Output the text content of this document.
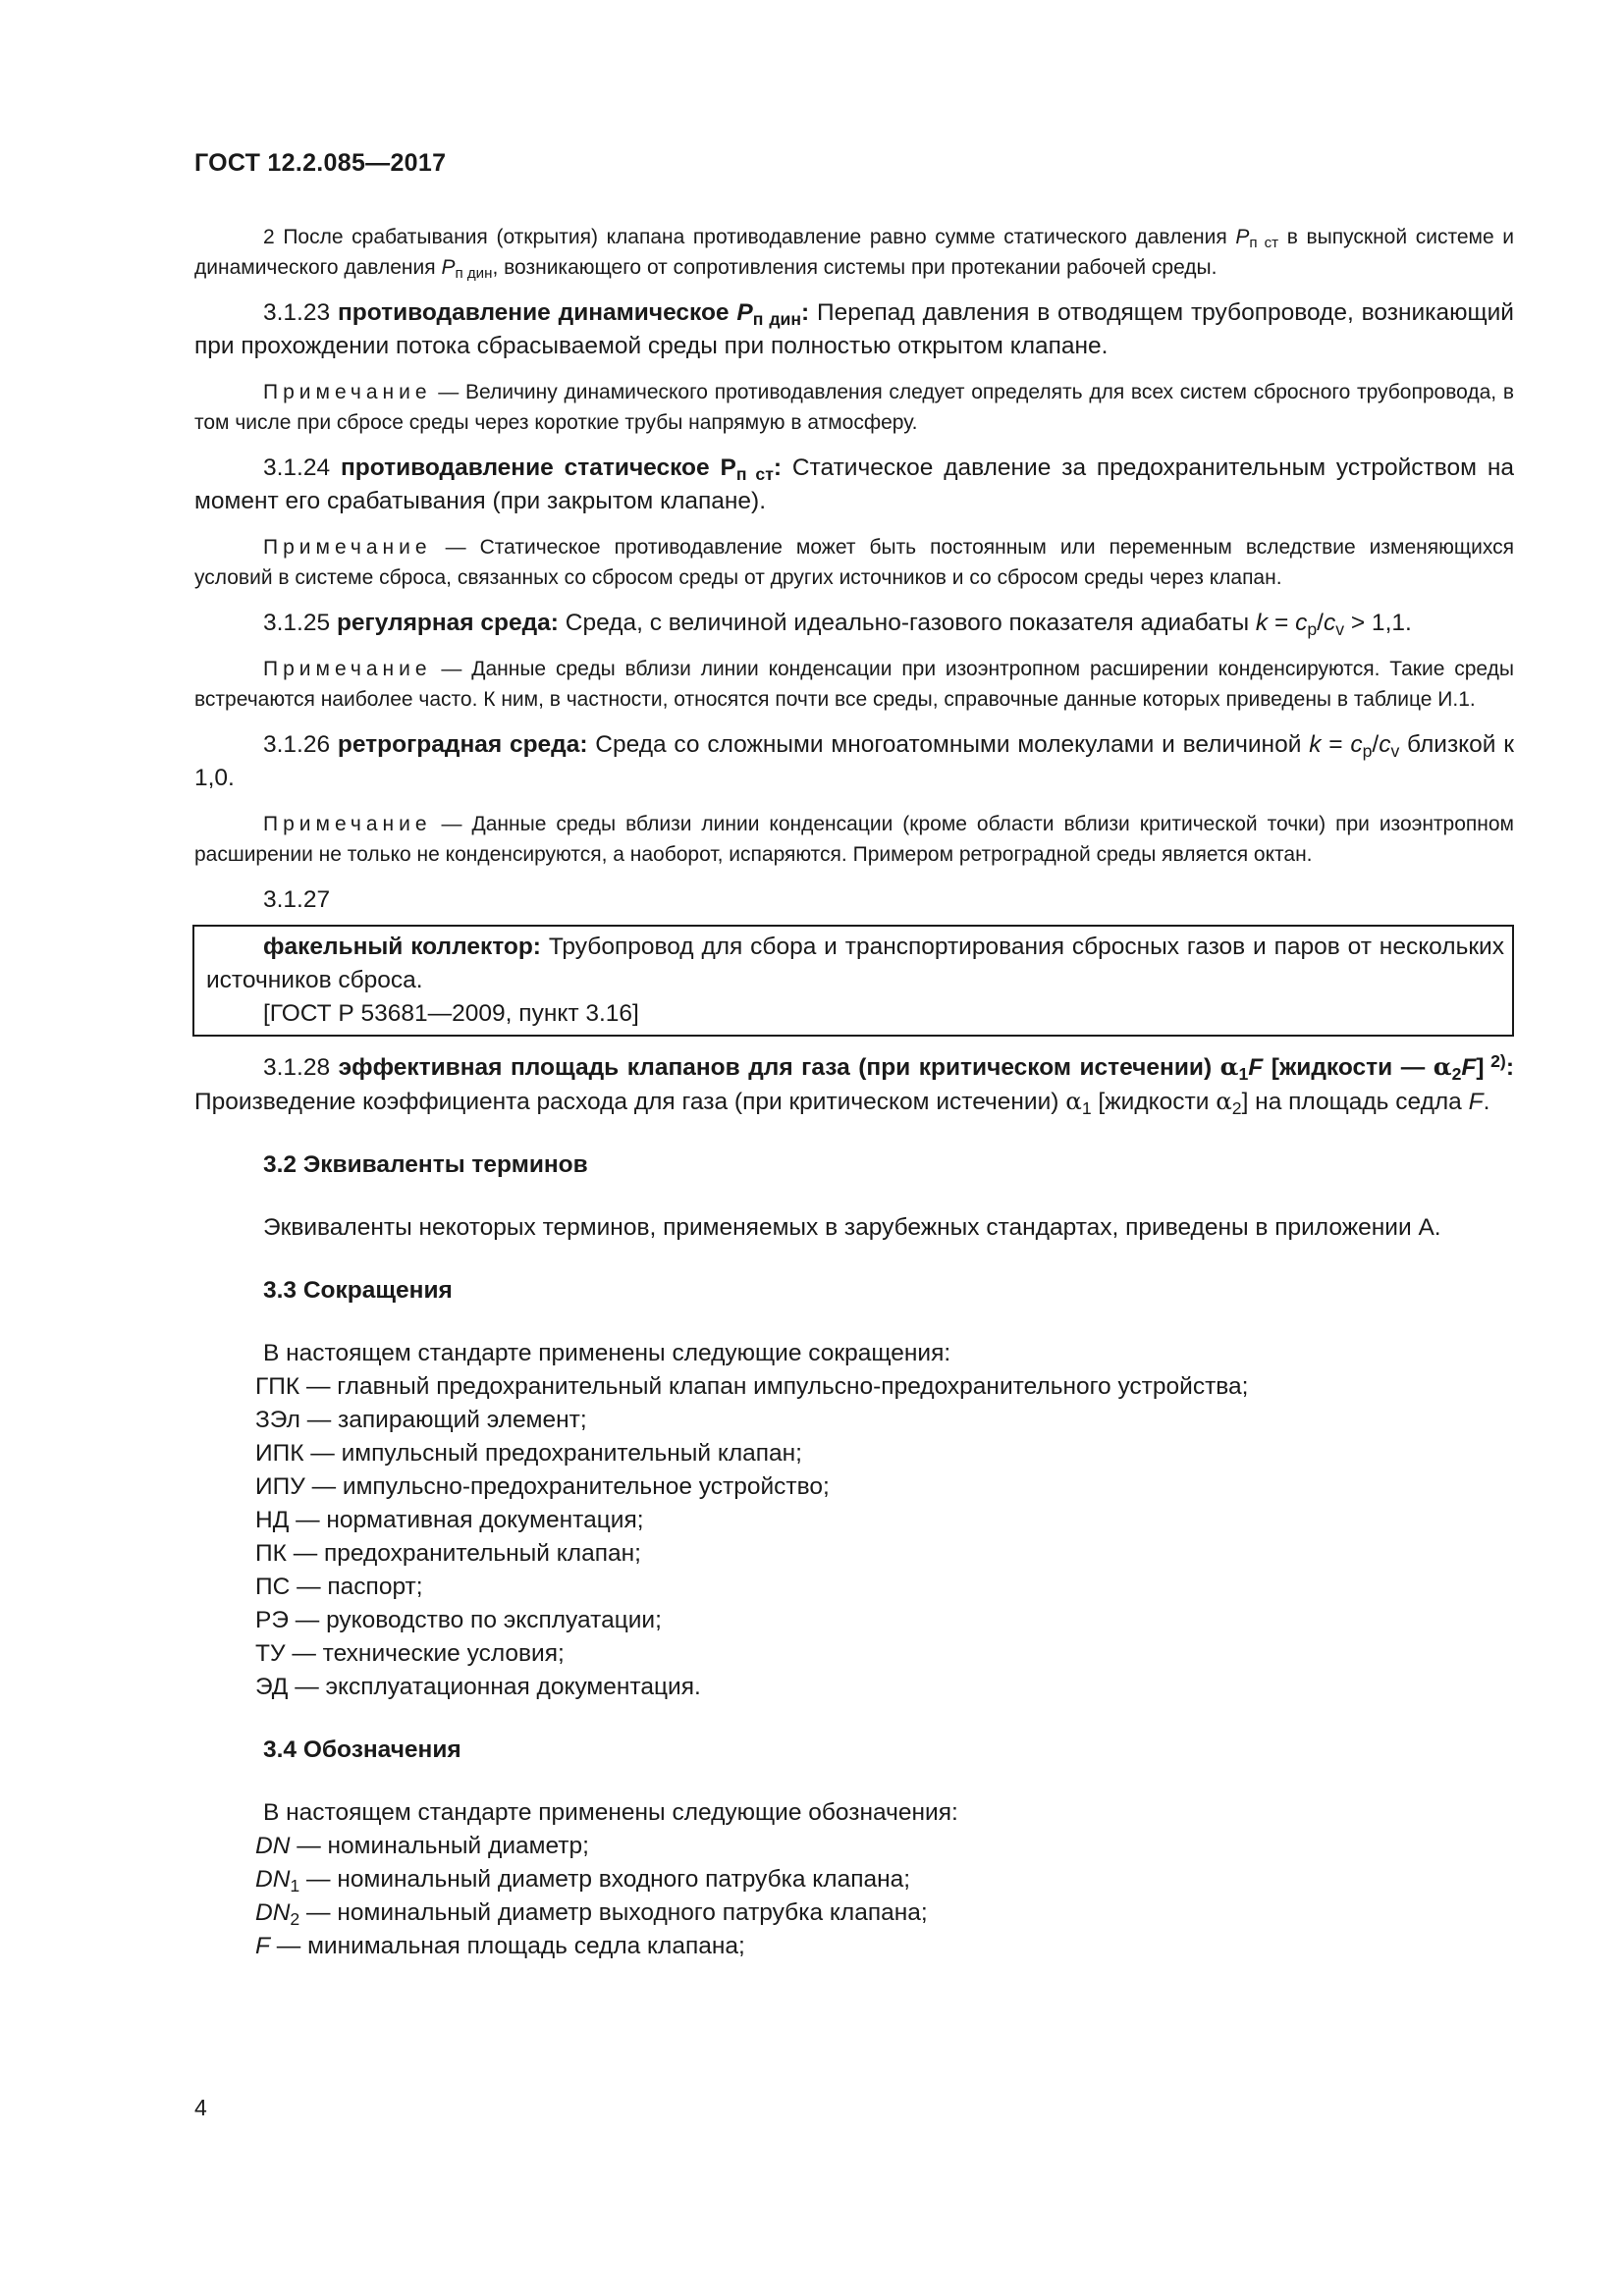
ГОСТ 12.2.085—2017

2 После срабатывания (открытия) клапана противодавление равно сумме статического давления $P_{п ст}$ в выпускной системе и динамического давления $P_{п дин}$, возникающего от сопротивления системы при протекании рабочей среды.

3.1.23 противодавление динамическое $P_{п дин}$: Перепад давления в отводящем трубопроводе, возникающий при прохождении потока сбрасываемой среды при полностью открытом клапане.

Примечание — Величину динамического противодавления следует определять для всех систем сбросного трубопровода, в том числе при сбросе среды через короткие трубы напрямую в атмосферу.

3.1.24 противодавление статическое $P_{п ст}$: Статическое давление за предохранительным устройством на момент его срабатывания (при закрытом клапане).

Примечание — Статическое противодавление может быть постоянным или переменным вследствие изменяющихся условий в системе сброса, связанных со сбросом среды от других источников и со сбросом среды через клапан.

3.1.25 регулярная среда: Среда, с величиной идеально-газового показателя адиабаты $k = c_p/c_v > 1,1$.

Примечание — Данные среды вблизи линии конденсации при изоэнтропном расширении конденсируются. Такие среды встречаются наиболее часто. К ним, в частности, относятся почти все среды, справочные данные которых приведены в таблице И.1.

3.1.26 ретроградная среда: Среда со сложными многоатомными молекулами и величиной $k = c_p/c_v$ близкой к 1,0.

Примечание — Данные среды вблизи линии конденсации (кроме области вблизи критической точки) при изоэнтропном расширении не только не конденсируются, а наоборот, испаряются. Примером ретроградной среды является октан.

3.1.27

факельный коллектор: Трубопровод для сбора и транспортирования сбросных газов и паров от нескольких источников сброса.

[ГОСТ Р 53681—2009, пункт 3.16]

3.1.28 эффективная площадь клапанов для газа (при критическом истечении) $\alpha_1F$ [жидкости — $\alpha_2F$] $^{2)}$: Произведение коэффициента расхода для газа (при критическом истечении) $\alpha_1$ [жидкости $\alpha_2$] на площадь седла F.

3.2 Эквиваленты терминов

Эквиваленты некоторых терминов, применяемых в зарубежных стандартах, приведены в приложении А.

3.3 Сокращения
В настоящем стандарте применены следующие сокращения:
ГПК — главный предохранительный клапан импульсно-предохранительного устройства;
ЗЭл — запирающий элемент;
ИПК — импульсный предохранительный клапан;
ИПУ — импульсно-предохранительное устройство;
НД — нормативная документация;
ПК — предохранительный клапан;
ПС — паспорт;
РЭ — руководство по эксплуатации;
ТУ — технические условия;
ЭД — эксплуатационная документация.
3.4 Обозначения
В настоящем стандарте применены следующие обозначения:
DN — номинальный диаметр;
$DN_1$ — номинальный диаметр входного патрубка клапана;
$DN_2$ — номинальный диаметр выходного патрубка клапана;
F — минимальная площадь седла клапана;
4
